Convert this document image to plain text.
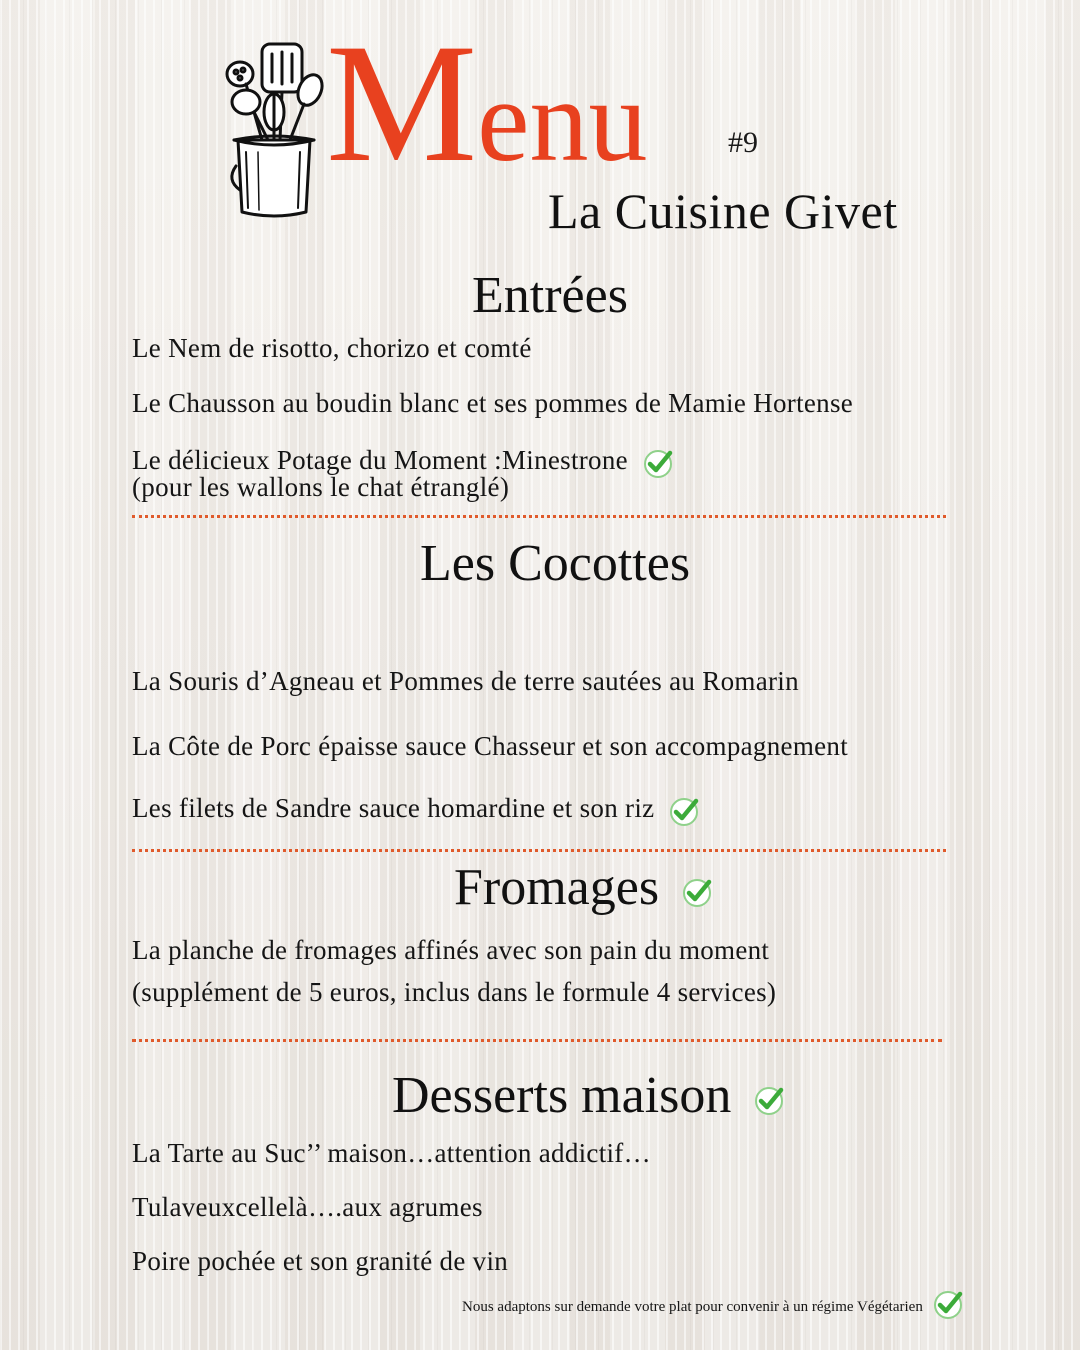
Menu	#9
La Cuisine Givet
Entrées
Le Nem de risotto, chorizo et comté
Le Chausson au boudin blanc et ses pommes de Mamie Hortense
Le délicieux Potage du Moment :Minestrone
(pour les wallons le chat étranglé)
Les Cocottes
La Souris d’Agneau et Pommes de terre sautées au Romarin
La Côte de Porc épaisse sauce Chasseur et son accompagnement
Les filets de Sandre sauce homardine et son riz
Fromages
La planche de fromages affinés avec son pain du moment
(supplément de 5 euros, inclus dans le formule 4 services)
Desserts maison
La Tarte au Suc’’ maison…attention addictif…
Tulaveuxcellelà….aux agrumes
Poire pochée et son granité de vin
Nous adaptons sur demande votre plat pour convenir à un régime Végétarien
